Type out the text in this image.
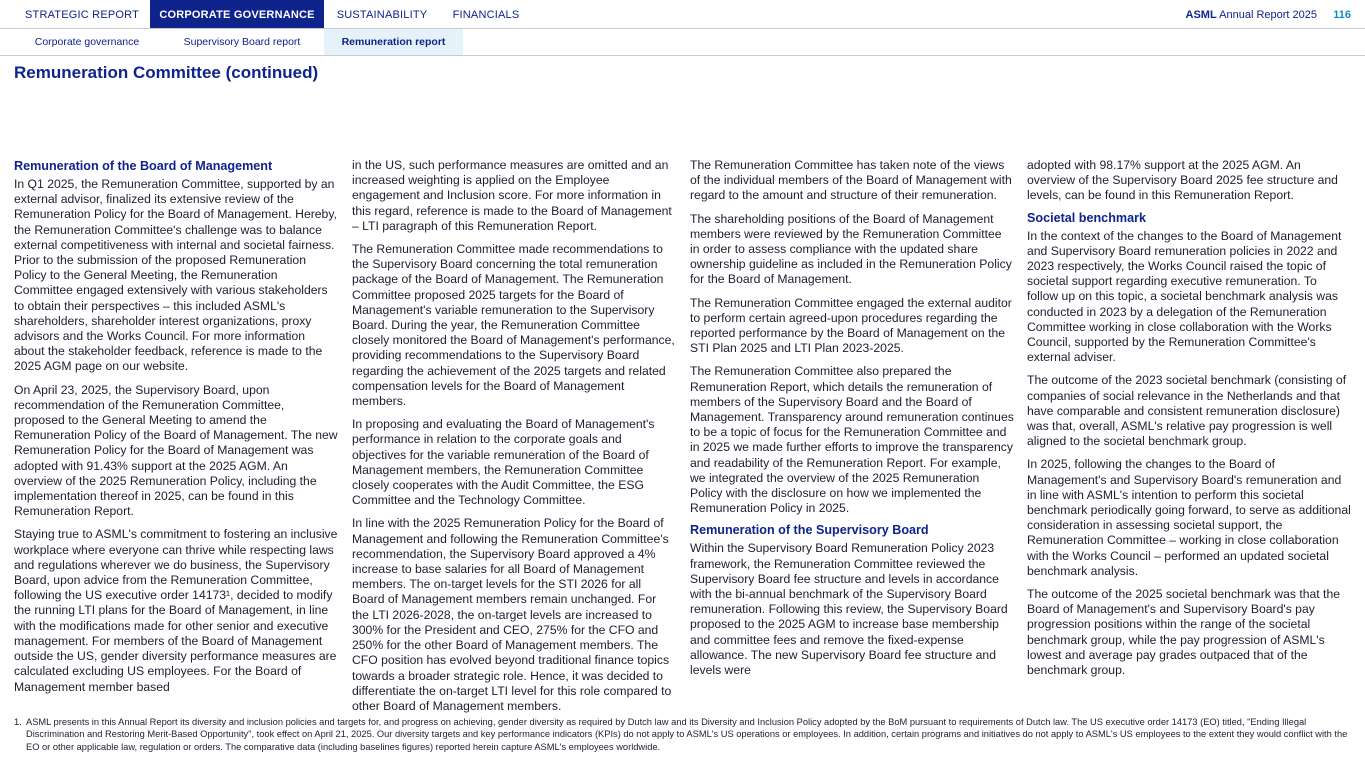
STRATEGIC REPORT	CORPORATE GOVERNANCE	SUSTAINABILITY	FINANCIALS	ASML Annual Report 2025 116
Corporate governance	Supervisory Board report	Remuneration report
Remuneration Committee (continued)
Remuneration of the Board of Management

In Q1 2025, the Remuneration Committee, supported by an external advisor, finalized its extensive review of the Remuneration Policy for the Board of Management. Hereby, the Remuneration Committee's challenge was to balance external competitiveness with internal and societal fairness. Prior to the submission of the proposed Remuneration Policy to the General Meeting, the Remuneration Committee engaged extensively with various stakeholders to obtain their perspectives – this included ASML's shareholders, shareholder interest organizations, proxy advisors and the Works Council. For more information about the stakeholder feedback, reference is made to the 2025 AGM page on our website.

On April 23, 2025, the Supervisory Board, upon recommendation of the Remuneration Committee, proposed to the General Meeting to amend the Remuneration Policy of the Board of Management. The new Remuneration Policy for the Board of Management was adopted with 91.43% support at the 2025 AGM. An overview of the 2025 Remuneration Policy, including the implementation thereof in 2025, can be found in this Remuneration Report.

Staying true to ASML's commitment to fostering an inclusive workplace where everyone can thrive while respecting laws and regulations wherever we do business, the Supervisory Board, upon advice from the Remuneration Committee, following the US executive order 14173¹, decided to modify the running LTI plans for the Board of Management, in line with the modifications made for other senior and executive management. For members of the Board of Management outside the US, gender diversity performance measures are calculated excluding US employees. For the Board of Management member based

in the US, such performance measures are omitted and an increased weighting is applied on the Employee engagement and Inclusion score. For more information in this regard, reference is made to the Board of Management – LTI paragraph of this Remuneration Report.

The Remuneration Committee made recommendations to the Supervisory Board concerning the total remuneration package of the Board of Management. The Remuneration Committee proposed 2025 targets for the Board of Management's variable remuneration to the Supervisory Board. During the year, the Remuneration Committee closely monitored the Board of Management's performance, providing recommendations to the Supervisory Board regarding the achievement of the 2025 targets and related compensation levels for the Board of Management members.

In proposing and evaluating the Board of Management's performance in relation to the corporate goals and objectives for the variable remuneration of the Board of Management members, the Remuneration Committee closely cooperates with the Audit Committee, the ESG Committee and the Technology Committee.

In line with the 2025 Remuneration Policy for the Board of Management and following the Remuneration Committee's recommendation, the Supervisory Board approved a 4% increase to base salaries for all Board of Management members. The on-target levels for the STI 2026 for all Board of Management members remain unchanged. For the LTI 2026-2028, the on-target levels are increased to 300% for the President and CEO, 275% for the CFO and 250% for the other Board of Management members. The CFO position has evolved beyond traditional finance topics towards a broader strategic role. Hence, it was decided to differentiate the on-target LTI level for this role compared to other Board of Management members.

The Remuneration Committee has taken note of the views of the individual members of the Board of Management with regard to the amount and structure of their remuneration.

The shareholding positions of the Board of Management members were reviewed by the Remuneration Committee in order to assess compliance with the updated share ownership guideline as included in the Remuneration Policy for the Board of Management.

The Remuneration Committee engaged the external auditor to perform certain agreed-upon procedures regarding the reported performance by the Board of Management on the STI Plan 2025 and LTI Plan 2023-2025.

The Remuneration Committee also prepared the Remuneration Report, which details the remuneration of members of the Supervisory Board and the Board of Management. Transparency around remuneration continues to be a topic of focus for the Remuneration Committee and in 2025 we made further efforts to improve the transparency and readability of the Remuneration Report. For example, we integrated the overview of the 2025 Remuneration Policy with the disclosure on how we implemented the Remuneration Policy in 2025.

Remuneration of the Supervisory Board

Within the Supervisory Board Remuneration Policy 2023 framework, the Remuneration Committee reviewed the Supervisory Board fee structure and levels in accordance with the bi-annual benchmark of the Supervisory Board remuneration. Following this review, the Supervisory Board proposed to the 2025 AGM to increase base membership and committee fees and remove the fixed-expense allowance. The new Supervisory Board fee structure and levels were

adopted with 98.17% support at the 2025 AGM. An overview of the Supervisory Board 2025 fee structure and levels, can be found in this Remuneration Report.

Societal benchmark

In the context of the changes to the Board of Management and Supervisory Board remuneration policies in 2022 and 2023 respectively, the Works Council raised the topic of societal support regarding executive remuneration. To follow up on this topic, a societal benchmark analysis was conducted in 2023 by a delegation of the Remuneration Committee working in close collaboration with the Works Council, supported by the Remuneration Committee's external adviser.

The outcome of the 2023 societal benchmark (consisting of companies of social relevance in the Netherlands and that have comparable and consistent remuneration disclosure) was that, overall, ASML's relative pay progression is well aligned to the societal benchmark group.

In 2025, following the changes to the Board of Management's and Supervisory Board's remuneration and in line with ASML's intention to perform this societal benchmark periodically going forward, to serve as additional consideration in assessing societal support, the Remuneration Committee – working in close collaboration with the Works Council – performed an updated societal benchmark analysis.

The outcome of the 2025 societal benchmark was that the Board of Management's and Supervisory Board's pay progression positions within the range of the societal benchmark group, while the pay progression of ASML's lowest and average pay grades outpaced that of the benchmark group.

1. ASML presents in this Annual Report its diversity and inclusion policies and targets for, and progress on achieving, gender diversity as required by Dutch law and its Diversity and Inclusion Policy adopted by the BoM pursuant to requirements of Dutch law. The US executive order 14173 (EO) titled, "Ending Illegal Discrimination and Restoring Merit-Based Opportunity", took effect on April 21, 2025. Our diversity targets and key performance indicators (KPIs) do not apply to ASML's US operations or employees. In addition, certain programs and initiatives do not apply to ASML's US employees to the extent they would conflict with the EO or other applicable law, regulation or orders. The comparative data (including baselines figures) reported herein capture ASML's employees worldwide.
